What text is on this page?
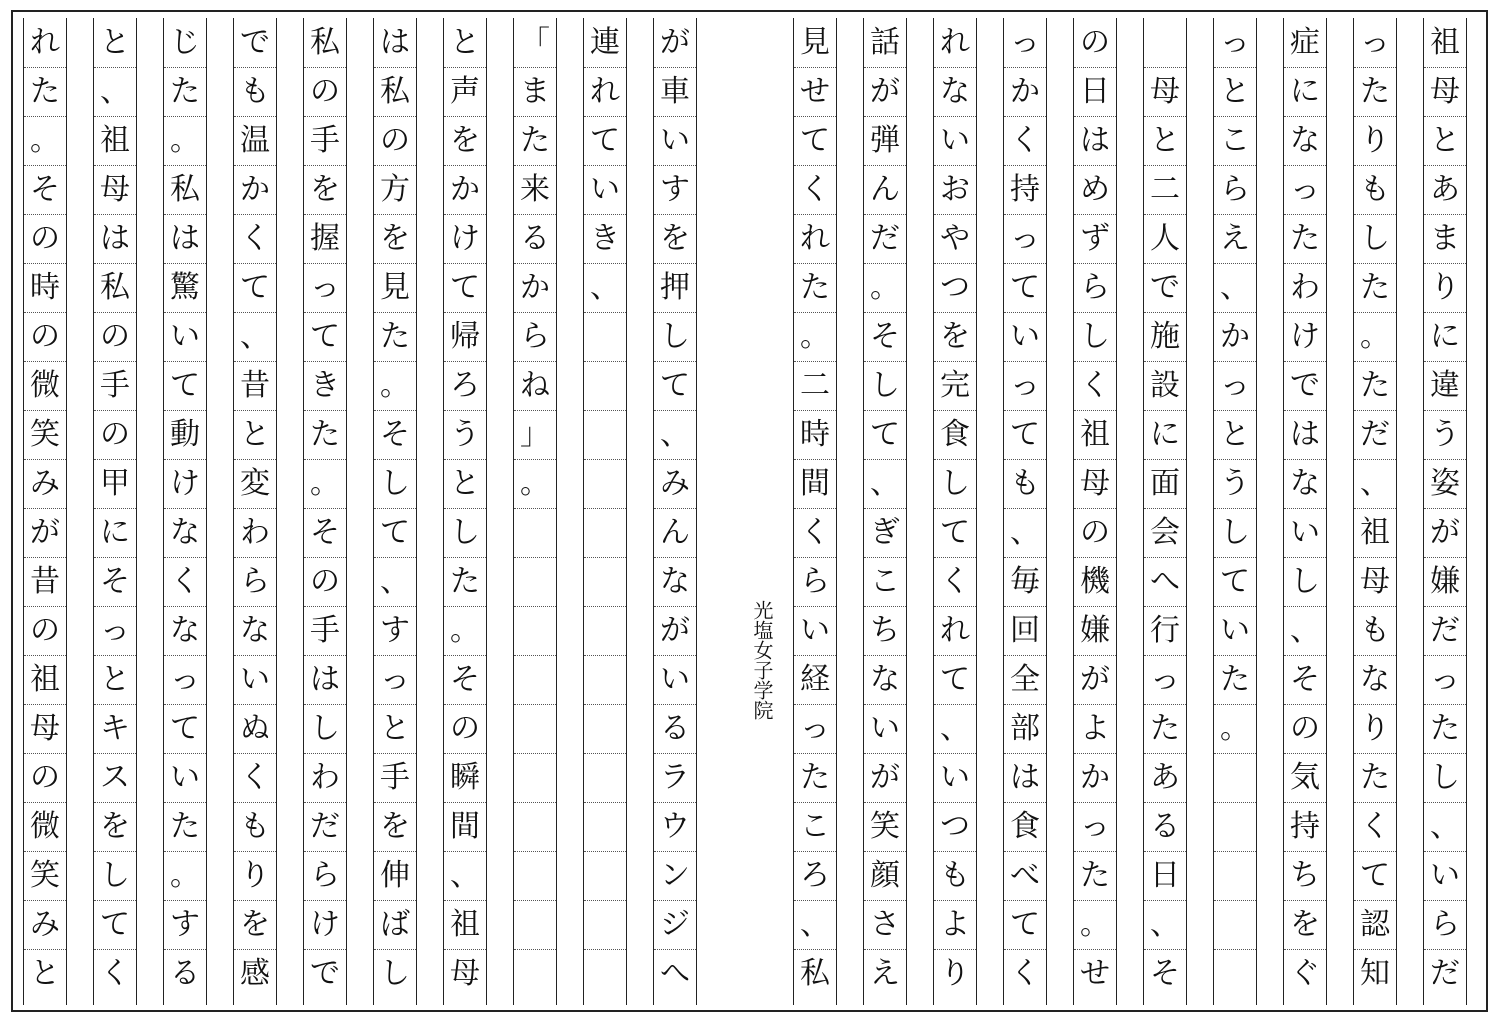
祖
母
と
あ
ま
り
に
違
う
姿
が
嫌
だ
っ
た
し
、
い
ら
だ
っ
た
り
も
し
た
。
た
だ
、
祖
母
も
な
り
た
く
て
認
知
症
に
な
っ
た
わ
け
で
は
な
い
し
、
そ
の
気
持
ち
を
ぐ
っ
と
こ
ら
え
、
か
っ
と
う
し
て
い
た
。

母
と
二
人
で
施
設
に
面
会
へ
行
っ
た
あ
る
日
、
そ
の
日
は
め
ず
ら
し
く
祖
母
の
機
嫌
が
よ
か
っ
た
。
せ
っ
か
く
持
っ
て
い
っ
て
も
、
毎
回
全
部
は
食
べ
て
く
れ
な
い
お
や
つ
を
完
食
し
て
く
れ
て
、
い
つ
も
よ
り
話
が
弾
ん
だ
。
そ
し
て
、
ぎ
こ
ち
な
い
が
笑
顔
さ
え
見
せ
て
く
れ
た
。
二
時
間
く
ら
い
経
っ
た
こ
ろ
、
私
が
車
い
す
を
押
し
て
、
み
ん
な
が
い
る
ラ
ウ
ン
ジ
へ
連
れ
て
い
き
、
「
ま
た
来
る
か
ら
ね
」
。
と
声
を
か
け
て
帰
ろ
う
と
し
た
。
そ
の
瞬
間
、
祖
母
は
私
の
方
を
見
た
。
そ
し
て
、
す
っ
と
手
を
伸
ば
し
私
の
手
を
握
っ
て
き
た
。
そ
の
手
は
し
わ
だ
ら
け
で
で
も
温
か
く
て
、
昔
と
変
わ
ら
な
い
ぬ
く
も
り
を
感
じ
た
。
私
は
驚
い
て
動
け
な
く
な
っ
て
い
た
。
す
る
と
、
祖
母
は
私
の
手
の
甲
に
そ
っ
と
キ
ス
を
し
て
く
れ
た
。
そ
の
時
の
微
笑
み
が
昔
の
祖
母
の
微
笑
み
と
光塩女子学院
